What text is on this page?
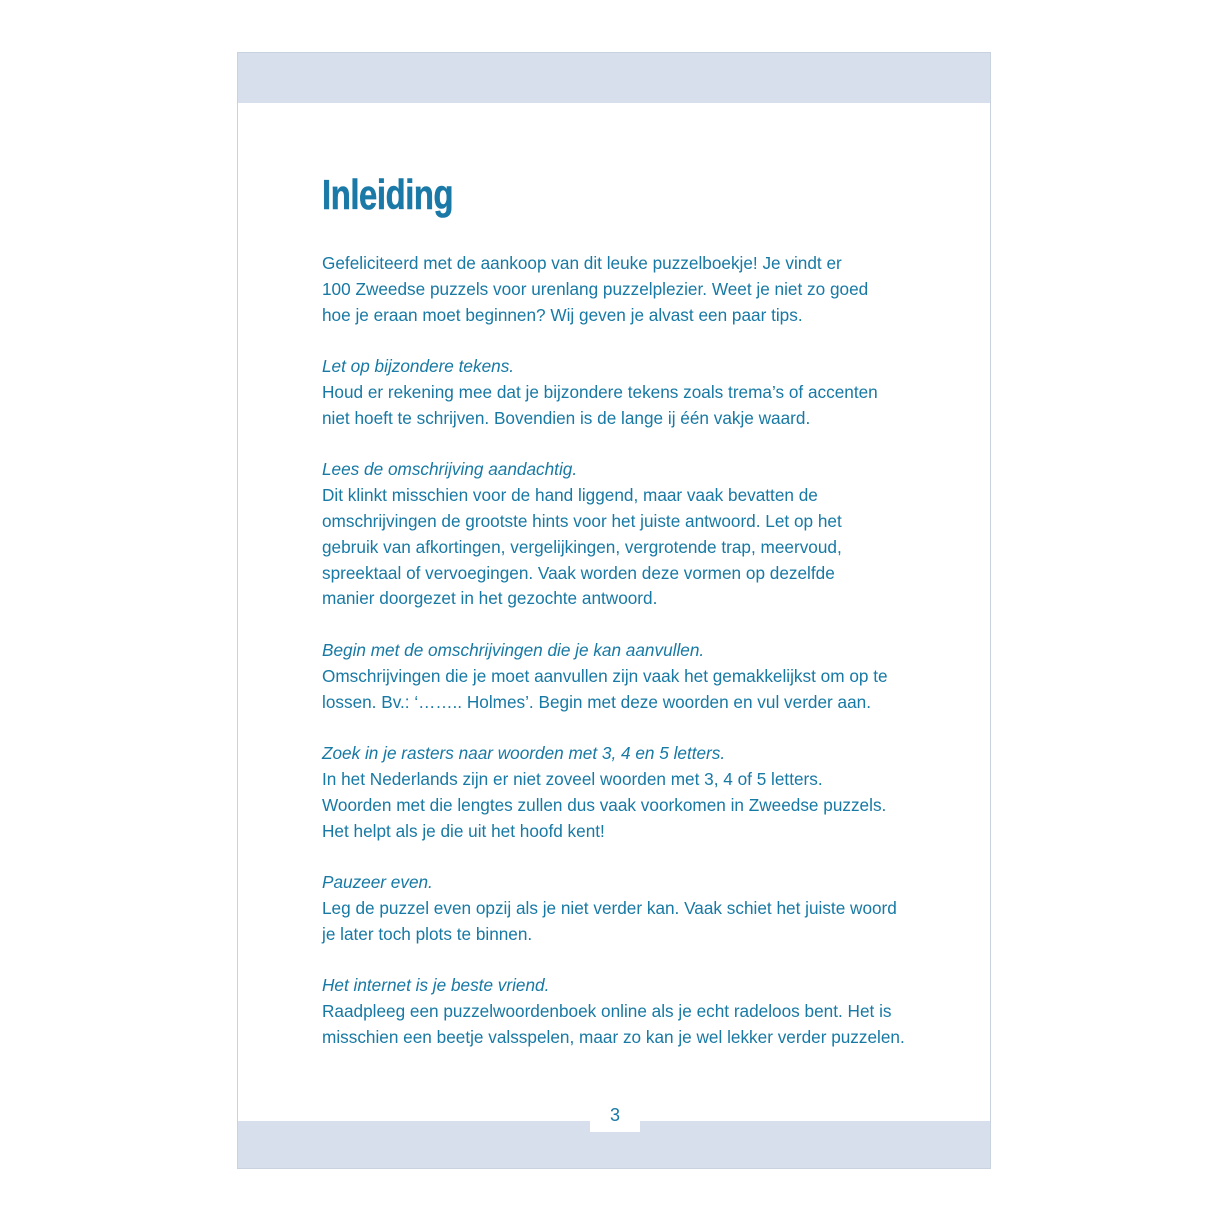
Inleiding

Gefeliciteerd met de aankoop van dit leuke puzzelboekje! Je vindt er
100 Zweedse puzzels voor urenlang puzzelplezier. Weet je niet zo goed
hoe je eraan moet beginnen? Wij geven je alvast een paar tips.

Let op bijzondere tekens.

Houd er rekening mee dat je bijzondere tekens zoals trema’s of accenten
niet hoeft te schrijven. Bovendien is de lange ij één vakje waard.

Lees de omschrijving aandachtig.

Dit klinkt misschien voor de hand liggend, maar vaak bevatten de
omschrijvingen de grootste hints voor het juiste antwoord. Let op het
gebruik van afkortingen, vergelijkingen, vergrotende trap, meervoud,
spreektaal of vervoegingen. Vaak worden deze vormen op dezelfde
manier doorgezet in het gezochte antwoord.

Begin met de omschrijvingen die je kan aanvullen.

Omschrijvingen die je moet aanvullen zijn vaak het gemakkelijkst om op te
lossen. Bv.: ‘…….. Holmes’. Begin met deze woorden en vul verder aan.

Zoek in je rasters naar woorden met 3, 4 en 5 letters.

In het Nederlands zijn er niet zoveel woorden met 3, 4 of 5 letters.
Woorden met die lengtes zullen dus vaak voorkomen in Zweedse puzzels.
Het helpt als je die uit het hoofd kent!

Pauzeer even.

Leg de puzzel even opzij als je niet verder kan. Vaak schiet het juiste woord
je later toch plots te binnen.

Het internet is je beste vriend.

Raadpleeg een puzzelwoordenboek online als je echt radeloos bent. Het is
misschien een beetje valsspelen, maar zo kan je wel lekker verder puzzelen.

3
